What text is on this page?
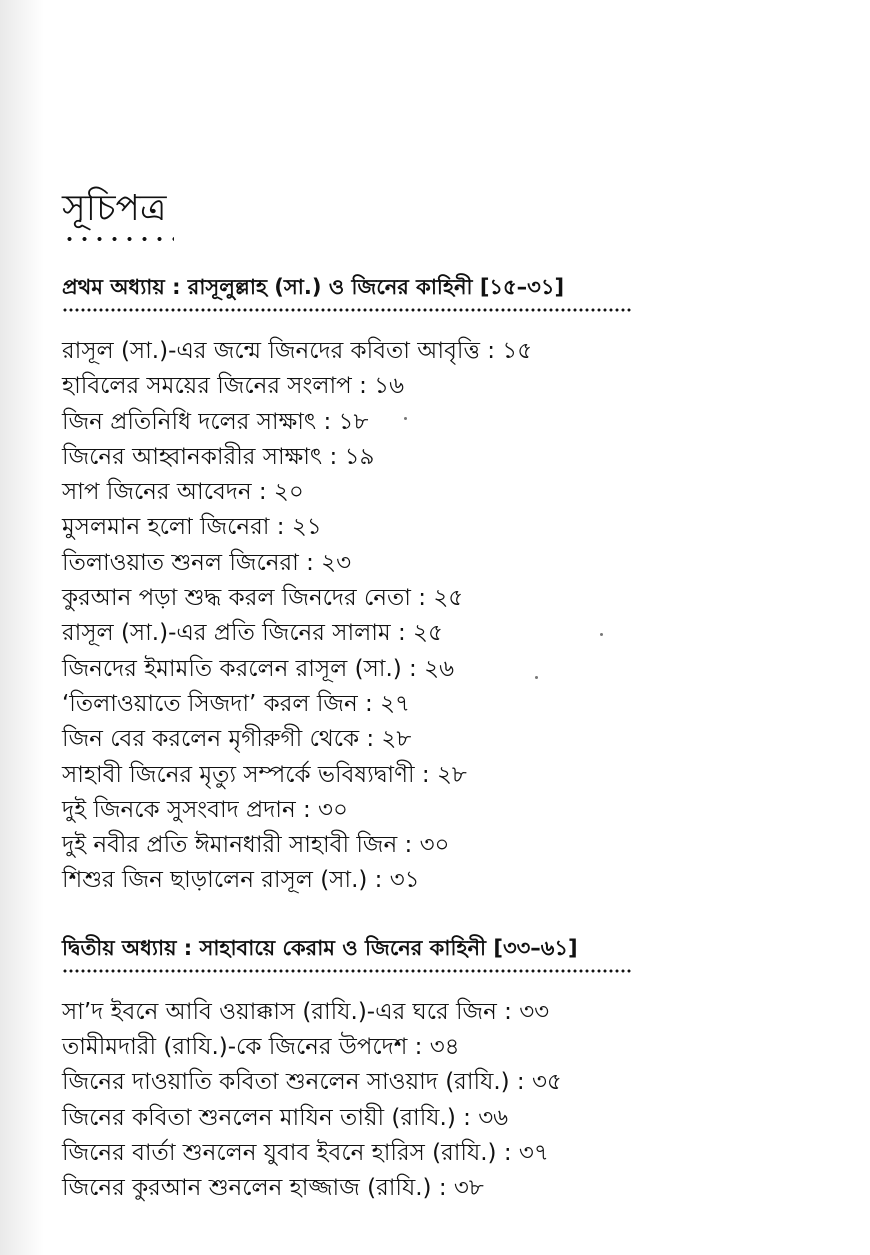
সূচিপত্র
প্রথম অধ্যায় : রাসূলুল্লাহ (সা.) ও জিনের কাহিনী [১৫–৩১]
রাসূল (সা.)-এর জন্মে জিনদের কবিতা আবৃত্তি : ১৫
হাবিলের সময়ের জিনের সংলাপ : ১৬
জিন প্রতিনিধি দলের সাক্ষাৎ : ১৮
জিনের আহ্বানকারীর সাক্ষাৎ : ১৯
সাপ জিনের আবেদন : ২০
মুসলমান হলো জিনেরা : ২১
তিলাওয়াত শুনল জিনেরা : ২৩
কুরআন পড়া শুদ্ধ করল জিনদের নেতা : ২৫
রাসূল (সা.)-এর প্রতি জিনের সালাম : ২৫
জিনদের ইমামতি করলেন রাসূল (সা.) : ২৬
‘তিলাওয়াতে সিজদা’ করল জিন : ২৭
জিন বের করলেন মৃগীরুগী থেকে : ২৮
সাহাবী জিনের মৃত্যু সম্পর্কে ভবিষ্যদ্বাণী : ২৮
দুই জিনকে সুসংবাদ প্রদান : ৩০
দুই নবীর প্রতি ঈমানধারী সাহাবী জিন : ৩০
শিশুর জিন ছাড়ালেন রাসূল (সা.) : ৩১
দ্বিতীয় অধ্যায় : সাহাবায়ে কেরাম ও জিনের কাহিনী [৩৩–৬১]
সা’দ ইবনে আবি ওয়াক্কাস (রাযি.)-এর ঘরে জিন : ৩৩
তামীমদারী (রাযি.)-কে জিনের উপদেশ : ৩৪
জিনের দাওয়াতি কবিতা শুনলেন সাওয়াদ (রাযি.) : ৩৫
জিনের কবিতা শুনলেন মাযিন তায়ী (রাযি.) : ৩৬
জিনের বার্তা শুনলেন যুবাব ইবনে হারিস (রাযি.) : ৩৭
জিনের কুরআন শুনলেন হাজ্জাজ (রাযি.) : ৩৮
